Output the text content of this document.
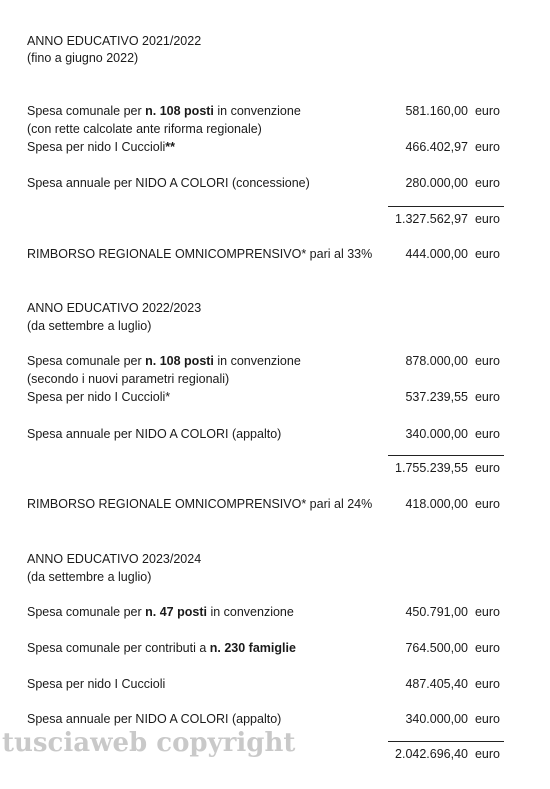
ANNO EDUCATIVO 2021/2022
(fino a giugno 2022)
Spesa comunale per n. 108 posti in convenzione	581.160,00 euro
(con rette calcolate ante riforma regionale)
Spesa per nido I Cuccioli**	466.402,97 euro
Spesa annuale per NIDO A COLORI (concessione)	280.000,00 euro
1.327.562,97 euro
RIMBORSO REGIONALE OMNICOMPRENSIVO* pari al 33%	444.000,00 euro
ANNO EDUCATIVO 2022/2023
(da settembre a luglio)
Spesa comunale per n. 108 posti in convenzione	878.000,00 euro
(secondo i nuovi parametri regionali)
Spesa per nido I Cuccioli*	537.239,55 euro
Spesa annuale per NIDO A COLORI (appalto)	340.000,00 euro
1.755.239,55 euro
RIMBORSO REGIONALE OMNICOMPRENSIVO* pari al 24%	418.000,00 euro
ANNO EDUCATIVO 2023/2024
(da settembre a luglio)
Spesa comunale per n. 47 posti in convenzione	450.791,00 euro
Spesa comunale per contributi a n. 230 famiglie	764.500,00 euro
Spesa per nido I Cuccioli	487.405,40 euro
Spesa annuale per NIDO A COLORI (appalto)	340.000,00 euro
2.042.696,40 euro
tusciaweb copyright
